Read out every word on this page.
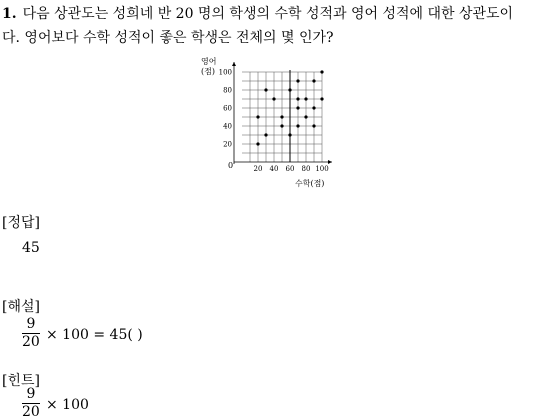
1. 다음 상관도는 성희네 반 20 명의 학생의 수학 성적과 영어 성적에 대한 상관도이다. 영어보다 수학 성적이 좋은 학생은 전체의 몇 인가?
20 40 60 80 100
20
40
60
80
100
영어
(점)
수학(점)
0
[정답]
45
[해설]
9
20 × 100 = 45( )
[힌트]
9
20 × 100
